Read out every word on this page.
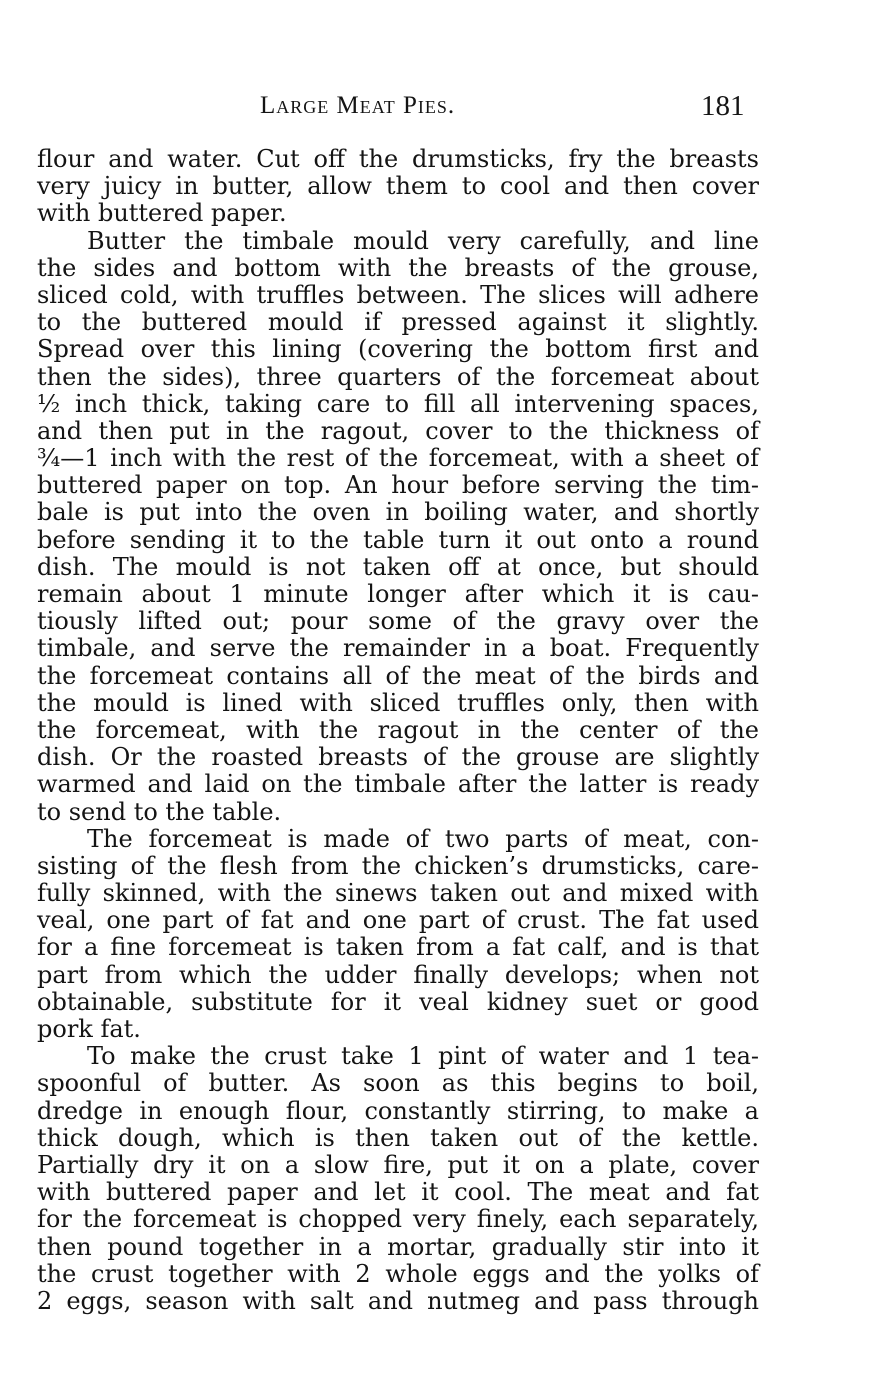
Large Meat Pies.	181
flour and water. Cut off the drumsticks, fry the breasts
very juicy in butter, allow them to cool and then cover
with buttered paper.
Butter the timbale mould very carefully, and line
the sides and bottom with the breasts of the grouse,
sliced cold, with truffles between. The slices will adhere
to the buttered mould if pressed against it slightly.
Spread over this lining (covering the bottom first and
then the sides), three quarters of the forcemeat about
½ inch thick, taking care to fill all intervening spaces,
and then put in the ragout, cover to the thickness of
¾—1 inch with the rest of the forcemeat, with a sheet of
buttered paper on top. An hour before serving the tim-
bale is put into the oven in boiling water, and shortly
before sending it to the table turn it out onto a round
dish. The mould is not taken off at once, but should
remain about 1 minute longer after which it is cau-
tiously lifted out; pour some of the gravy over the
timbale, and serve the remainder in a boat. Frequently
the forcemeat contains all of the meat of the birds and
the mould is lined with sliced truffles only, then with
the forcemeat, with the ragout in the center of the
dish. Or the roasted breasts of the grouse are slightly
warmed and laid on the timbale after the latter is ready
to send to the table.
The forcemeat is made of two parts of meat, con-
sisting of the flesh from the chicken’s drumsticks, care-
fully skinned, with the sinews taken out and mixed with
veal, one part of fat and one part of crust. The fat used
for a fine forcemeat is taken from a fat calf, and is that
part from which the udder finally develops; when not
obtainable, substitute for it veal kidney suet or good
pork fat.
To make the crust take 1 pint of water and 1 tea-
spoonful of butter. As soon as this begins to boil,
dredge in enough flour, constantly stirring, to make a
thick dough, which is then taken out of the kettle.
Partially dry it on a slow fire, put it on a plate, cover
with buttered paper and let it cool. The meat and fat
for the forcemeat is chopped very finely, each separately,
then pound together in a mortar, gradually stir into it
the crust together with 2 whole eggs and the yolks of
2 eggs, season with salt and nutmeg and pass through
